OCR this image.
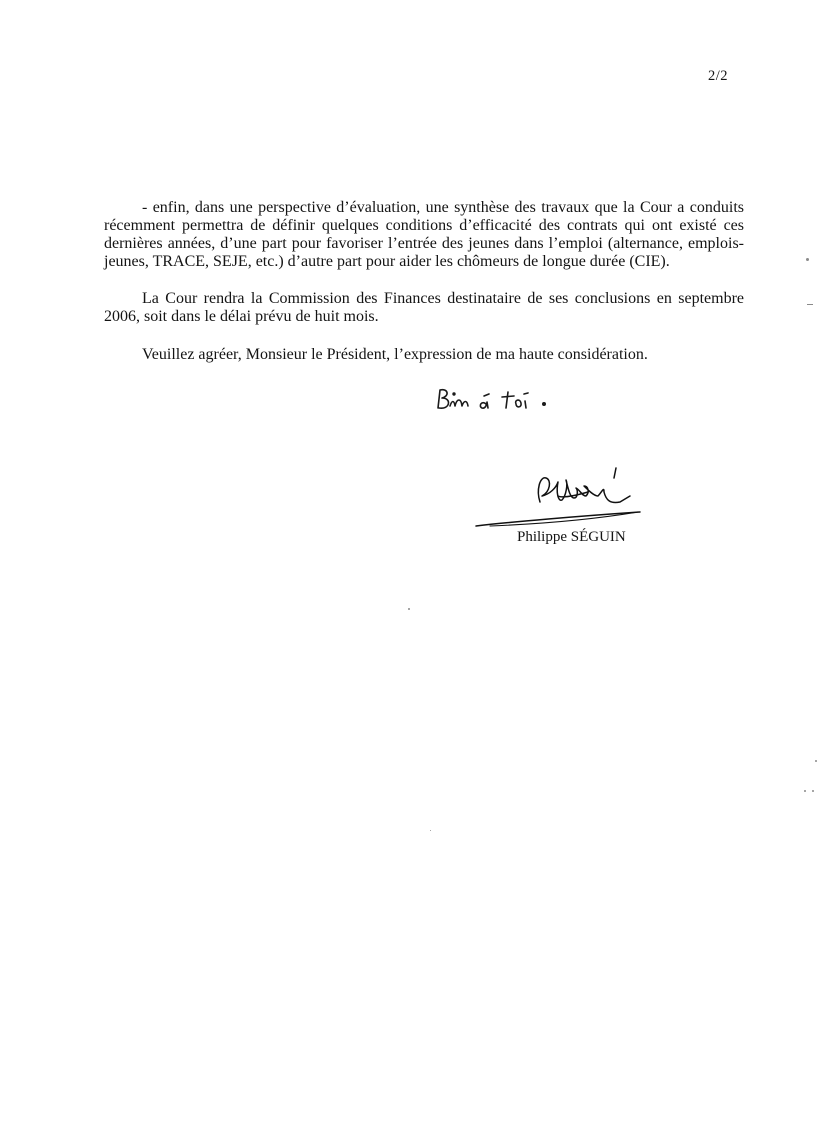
2/2

- enfin, dans une perspective d’évaluation, une synthèse des travaux que la Cour a conduits récemment permettra de définir quelques conditions d’efficacité des contrats qui ont existé ces dernières années, d’une part pour favoriser l’entrée des jeunes dans l’emploi (alternance, emplois-jeunes, TRACE, SEJE, etc.) d’autre part pour aider les chômeurs de longue durée (CIE).

La Cour rendra la Commission des Finances destinataire de ses conclusions en septembre 2006, soit dans le délai prévu de huit mois.

Veuillez agréer, Monsieur le Président, l’expression de ma haute considération.

Philippe SÉGUIN
